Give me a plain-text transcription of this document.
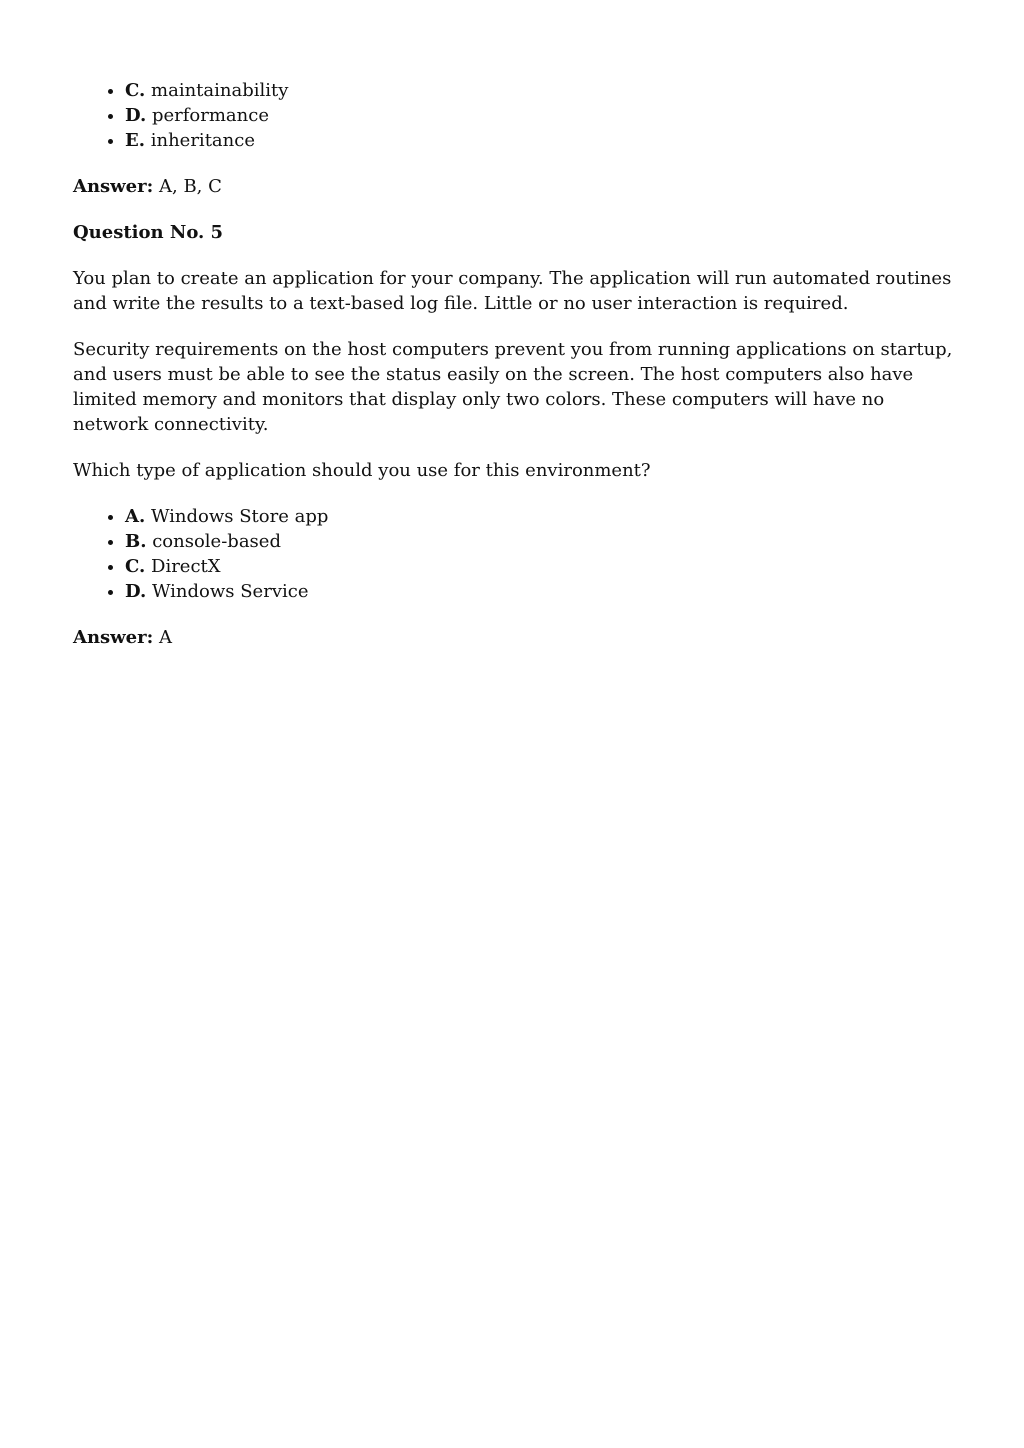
• C. maintainability
• D. performance
• E. inheritance

Answer: A, B, C

Question No. 5

You plan to create an application for your company. The application will run automated routines and write the results to a text-based log file. Little or no user interaction is required.

Security requirements on the host computers prevent you from running applications on startup, and users must be able to see the status easily on the screen. The host computers also have limited memory and monitors that display only two colors. These computers will have no network connectivity.

Which type of application should you use for this environment?

• A. Windows Store app
• B. console-based
• C. DirectX
• D. Windows Service

Answer: A
